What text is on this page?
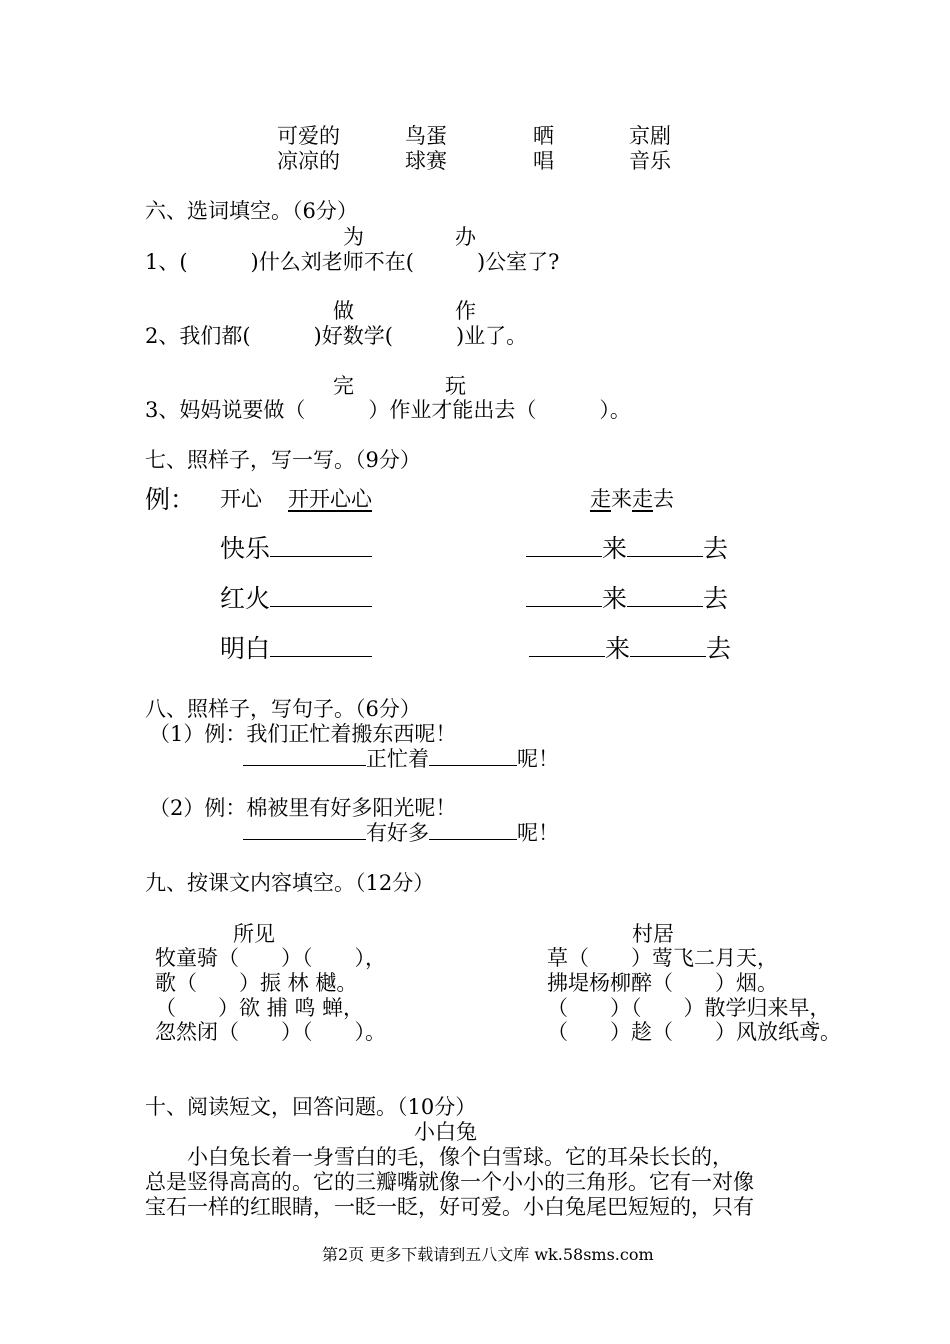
可爱的	鸟蛋	晒	京剧
凉凉的	球赛	唱	音乐
六、选词填空。（6分）
为	办
1、(　　　)什么刘老师不在(　　　)公室了?
做	作
2、我们都(　　　)好数学(　　　)业了。
完	玩
3、妈妈说要做（　　　）作业才能出去（　　　）。
七、照样子，写一写。（9分）
例： 开心 开开心心	走来走去
快乐	来	去
红火	来	去
明白	来	去
八、照样子，写句子。（6分）
（1）例：我们正忙着搬东西呢！
正忙着	呢！
（2）例：棉被里有好多阳光呢！
有好多	呢！
九、按课文内容填空。（12分）
所见	村居
牧童骑（　　）（　　），
歌（　　）振 林 樾。
（　　）欲 捕 鸣 蝉，
忽然闭（　　）（　　）。
草（　　）莺飞二月天，
拂堤杨柳醉（　　）烟。
（　　）（　　）散学归来早，
（　　）趁（　　）风放纸鸢。
十、阅读短文，回答问题。（10分）
小白兔
　　小白兔长着一身雪白的毛，像个白雪球。它的耳朵长长的，
总是竖得高高的。它的三瓣嘴就像一个小小的三角形。它有一对像
宝石一样的红眼睛，一眨一眨，好可爱。小白兔尾巴短短的，只有
第2页 更多下载请到五八文库 wk.58sms.com
